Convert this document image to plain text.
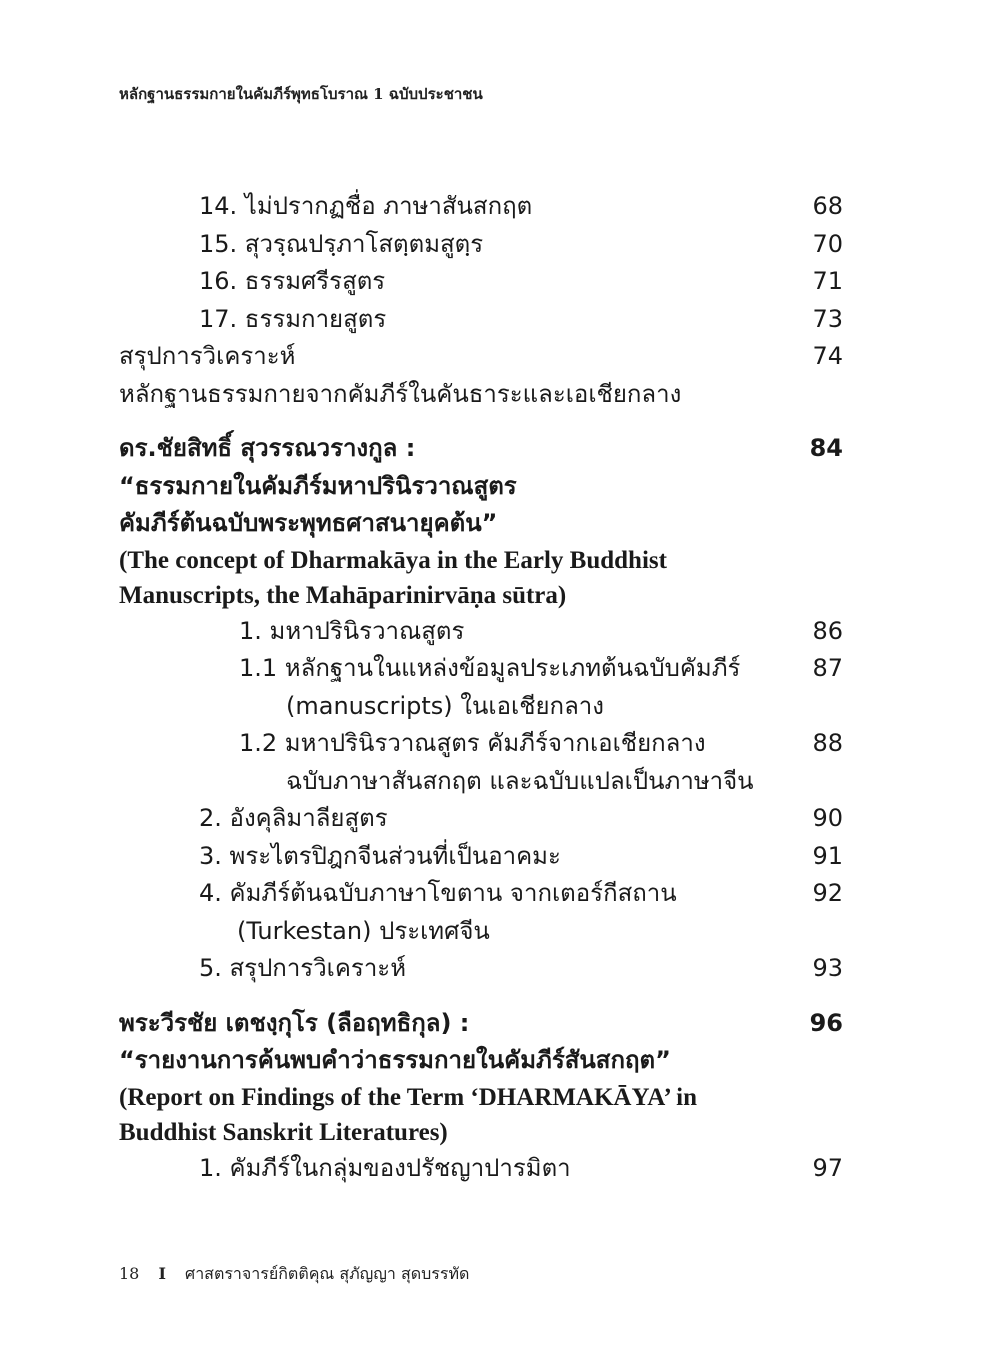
หลักฐานธรรมกายในคัมภีร์พุทธโบราณ 1 ฉบับประชาชน
14. ไม่ปรากฏชื่อ ภาษาสันสกฤต	68
15. สุวรฺณปรฺภาโสตฺตมสูตฺร	70
16. ธรรมศรีรสูตร	71
17. ธรรมกายสูตร	73
สรุปการวิเคราะห์	74
หลักฐานธรรมกายจากคัมภีร์ในคันธาระและเอเชียกลาง
ดร.ชัยสิทธิ์ สุวรรณวรางกูล :	84
“ธรรมกายในคัมภีร์มหาปรินิรวาณสูตร
คัมภีร์ต้นฉบับพระพุทธศาสนายุคต้น”
(The concept of Dharmakāya in the Early Buddhist
Manuscripts, the Mahāparinirvāṇa sūtra)
1. มหาปรินิรวาณสูตร	86
1.1 หลักฐานในแหล่งข้อมูลประเภทต้นฉบับคัมภีร์	87
(manuscripts) ในเอเชียกลาง
1.2 มหาปรินิรวาณสูตร คัมภีร์จากเอเชียกลาง	88
ฉบับภาษาสันสกฤต และฉบับแปลเป็นภาษาจีน
2. อังคุลิมาลียสูตร	90
3. พระไตรปิฎกจีนส่วนที่เป็นอาคมะ	91
4. คัมภีร์ต้นฉบับภาษาโขตาน จากเตอร์กีสถาน	92
(Turkestan) ประเทศจีน
5. สรุปการวิเคราะห์	93
พระวีรชัย เตชงฺกุโร (ลือฤทธิกุล) :	96
“รายงานการค้นพบคำว่าธรรมกายในคัมภีร์สันสกฤต”
(Report on Findings of the Term ‘DHARMAKĀYA’ in
Buddhist Sanskrit Literatures)
1. คัมภีร์ในกลุ่มของปรัชญาปารมิตา	97
18 I ศาสตราจารย์กิตติคุณ สุภัญญา สุดบรรทัด
